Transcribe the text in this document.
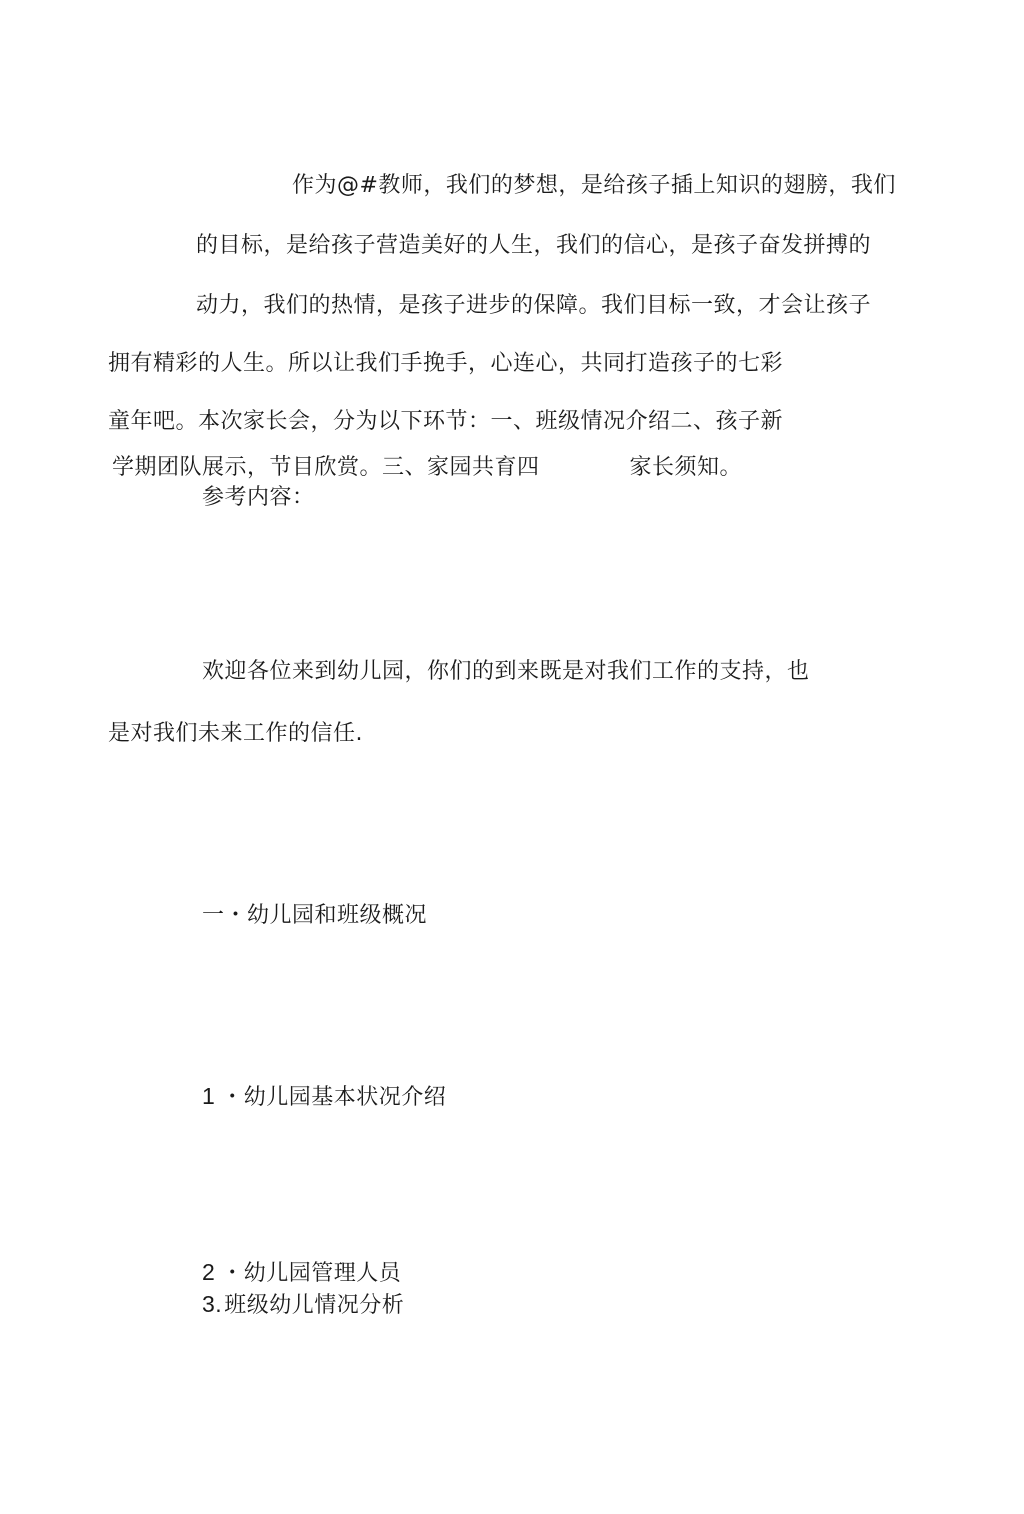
作为@#教师，我们的梦想，是给孩子插上知识的翅膀，我们
的目标，是给孩子营造美好的人生，我们的信心，是孩子奋发拼搏的
动力，我们的热情，是孩子进步的保障。我们目标一致，才会让孩子
拥有精彩的人生。所以让我们手挽手，心连心，共同打造孩子的七彩
童年吧。本次家长会，分为以下环节：一、班级情况介绍二、孩子新
学期团队展示，节目欣赏。三、家园共育四	家长须知。
参考内容：
欢迎各位来到幼儿园，你们的到来既是对我们工作的支持，也
是对我们未来工作的信任.
一・幼儿园和班级概况
1 ・幼儿园基本状况介绍
2 ・幼儿园管理人员
3.班级幼儿情况分析
